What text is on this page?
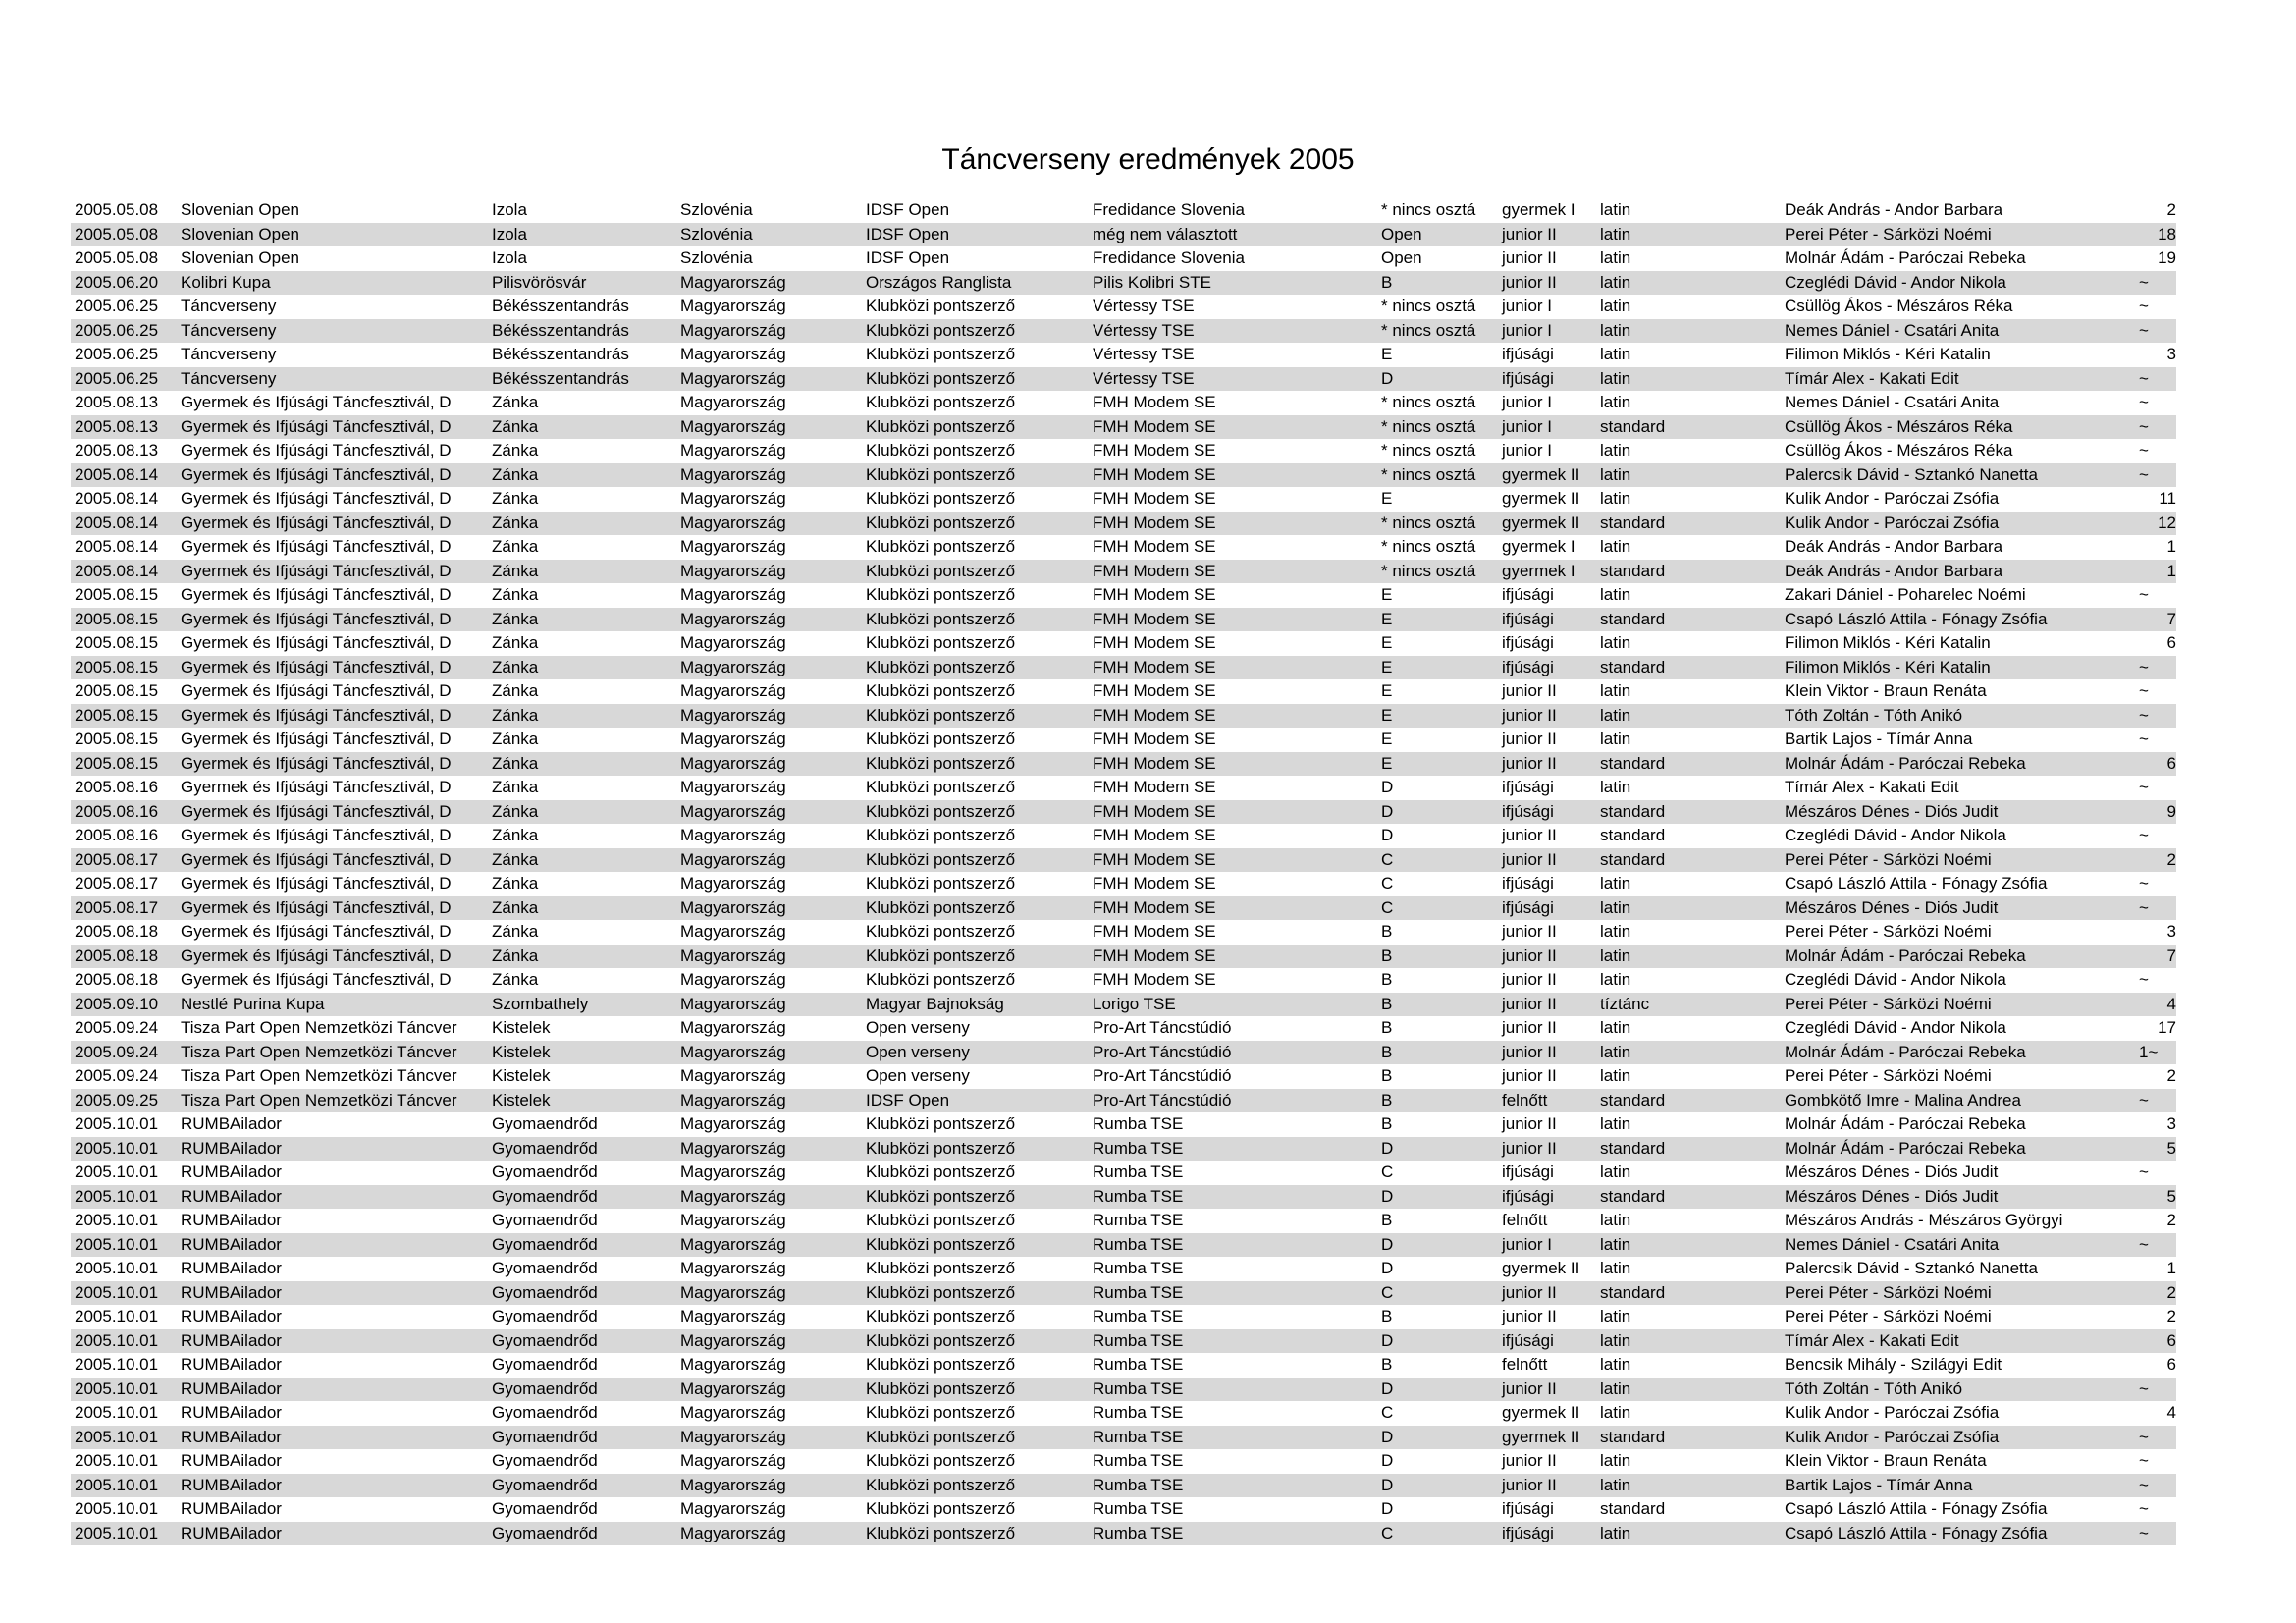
Táncverseny eredmények 2005
2005.05.08	Slovenian Open	Izola	Szlovénia	IDSF Open	Fredidance Slovenia	* nincs osztá	gyermek I	latin	Deák András - Andor Barbara	2
2005.05.08	Slovenian Open	Izola	Szlovénia	IDSF Open	még nem választott	Open	junior II	latin	Perei Péter - Sárközi Noémi	18
2005.05.08	Slovenian Open	Izola	Szlovénia	IDSF Open	Fredidance Slovenia	Open	junior II	latin	Molnár Ádám - Paróczai Rebeka	19
2005.06.20	Kolibri Kupa	Pilisvörösvár	Magyarország	Országos Ranglista	Pilis Kolibri STE	B	junior II	latin	Czeglédi Dávid - Andor Nikola	~
2005.06.25	Táncverseny	Békésszentandrás	Magyarország	Klubközi pontszerző	Vértessy TSE	* nincs osztá	junior I	latin	Csüllög Ákos - Mészáros Réka	~
2005.06.25	Táncverseny	Békésszentandrás	Magyarország	Klubközi pontszerző	Vértessy TSE	* nincs osztá	junior I	latin	Nemes Dániel - Csatári Anita	~
2005.06.25	Táncverseny	Békésszentandrás	Magyarország	Klubközi pontszerző	Vértessy TSE	E	ifjúsági	latin	Filimon Miklós - Kéri Katalin	3
2005.06.25	Táncverseny	Békésszentandrás	Magyarország	Klubközi pontszerző	Vértessy TSE	D	ifjúsági	latin	Tímár Alex - Kakati Edit	~
2005.08.13	Gyermek és Ifjúsági Táncfesztivál, D	Zánka	Magyarország	Klubközi pontszerző	FMH Modem SE	* nincs osztá	junior I	latin	Nemes Dániel - Csatári Anita	~
2005.08.13	Gyermek és Ifjúsági Táncfesztivál, D	Zánka	Magyarország	Klubközi pontszerző	FMH Modem SE	* nincs osztá	junior I	standard	Csüllög Ákos - Mészáros Réka	~
2005.08.13	Gyermek és Ifjúsági Táncfesztivál, D	Zánka	Magyarország	Klubközi pontszerző	FMH Modem SE	* nincs osztá	junior I	latin	Csüllög Ákos - Mészáros Réka	~
2005.08.14	Gyermek és Ifjúsági Táncfesztivál, D	Zánka	Magyarország	Klubközi pontszerző	FMH Modem SE	* nincs osztá	gyermek II	latin	Palercsik Dávid - Sztankó Nanetta	~
2005.08.14	Gyermek és Ifjúsági Táncfesztivál, D	Zánka	Magyarország	Klubközi pontszerző	FMH Modem SE	E	gyermek II	latin	Kulik Andor - Paróczai Zsófia	11
2005.08.14	Gyermek és Ifjúsági Táncfesztivál, D	Zánka	Magyarország	Klubközi pontszerző	FMH Modem SE	* nincs osztá	gyermek II	standard	Kulik Andor - Paróczai Zsófia	12
2005.08.14	Gyermek és Ifjúsági Táncfesztivál, D	Zánka	Magyarország	Klubközi pontszerző	FMH Modem SE	* nincs osztá	gyermek I	latin	Deák András - Andor Barbara	1
2005.08.14	Gyermek és Ifjúsági Táncfesztivál, D	Zánka	Magyarország	Klubközi pontszerző	FMH Modem SE	* nincs osztá	gyermek I	standard	Deák András - Andor Barbara	1
2005.08.15	Gyermek és Ifjúsági Táncfesztivál, D	Zánka	Magyarország	Klubközi pontszerző	FMH Modem SE	E	ifjúsági	latin	Zakari Dániel - Poharelec Noémi	~
2005.08.15	Gyermek és Ifjúsági Táncfesztivál, D	Zánka	Magyarország	Klubközi pontszerző	FMH Modem SE	E	ifjúsági	standard	Csapó László Attila - Fónagy Zsófia	7
2005.08.15	Gyermek és Ifjúsági Táncfesztivál, D	Zánka	Magyarország	Klubközi pontszerző	FMH Modem SE	E	ifjúsági	latin	Filimon Miklós - Kéri Katalin	6
2005.08.15	Gyermek és Ifjúsági Táncfesztivál, D	Zánka	Magyarország	Klubközi pontszerző	FMH Modem SE	E	ifjúsági	standard	Filimon Miklós - Kéri Katalin	~
2005.08.15	Gyermek és Ifjúsági Táncfesztivál, D	Zánka	Magyarország	Klubközi pontszerző	FMH Modem SE	E	junior II	latin	Klein Viktor - Braun Renáta	~
2005.08.15	Gyermek és Ifjúsági Táncfesztivál, D	Zánka	Magyarország	Klubközi pontszerző	FMH Modem SE	E	junior II	latin	Tóth Zoltán - Tóth Anikó	~
2005.08.15	Gyermek és Ifjúsági Táncfesztivál, D	Zánka	Magyarország	Klubközi pontszerző	FMH Modem SE	E	junior II	latin	Bartik Lajos - Tímár Anna	~
2005.08.15	Gyermek és Ifjúsági Táncfesztivál, D	Zánka	Magyarország	Klubközi pontszerző	FMH Modem SE	E	junior II	standard	Molnár Ádám - Paróczai Rebeka	6
2005.08.16	Gyermek és Ifjúsági Táncfesztivál, D	Zánka	Magyarország	Klubközi pontszerző	FMH Modem SE	D	ifjúsági	latin	Tímár Alex - Kakati Edit	~
2005.08.16	Gyermek és Ifjúsági Táncfesztivál, D	Zánka	Magyarország	Klubközi pontszerző	FMH Modem SE	D	ifjúsági	standard	Mészáros Dénes - Diós Judit	9
2005.08.16	Gyermek és Ifjúsági Táncfesztivál, D	Zánka	Magyarország	Klubközi pontszerző	FMH Modem SE	D	junior II	standard	Czeglédi Dávid - Andor Nikola	~
2005.08.17	Gyermek és Ifjúsági Táncfesztivál, D	Zánka	Magyarország	Klubközi pontszerző	FMH Modem SE	C	junior II	standard	Perei Péter - Sárközi Noémi	2
2005.08.17	Gyermek és Ifjúsági Táncfesztivál, D	Zánka	Magyarország	Klubközi pontszerző	FMH Modem SE	C	ifjúsági	latin	Csapó László Attila - Fónagy Zsófia	~
2005.08.17	Gyermek és Ifjúsági Táncfesztivál, D	Zánka	Magyarország	Klubközi pontszerző	FMH Modem SE	C	ifjúsági	latin	Mészáros Dénes - Diós Judit	~
2005.08.18	Gyermek és Ifjúsági Táncfesztivál, D	Zánka	Magyarország	Klubközi pontszerző	FMH Modem SE	B	junior II	latin	Perei Péter - Sárközi Noémi	3
2005.08.18	Gyermek és Ifjúsági Táncfesztivál, D	Zánka	Magyarország	Klubközi pontszerző	FMH Modem SE	B	junior II	latin	Molnár Ádám - Paróczai Rebeka	7
2005.08.18	Gyermek és Ifjúsági Táncfesztivál, D	Zánka	Magyarország	Klubközi pontszerző	FMH Modem SE	B	junior II	latin	Czeglédi Dávid - Andor Nikola	~
2005.09.10	Nestlé Purina Kupa	Szombathely	Magyarország	Magyar Bajnokság	Lorigo TSE	B	junior II	tíztánc	Perei Péter - Sárközi Noémi	4
2005.09.24	Tisza Part Open Nemzetközi Táncver	Kistelek	Magyarország	Open verseny	Pro-Art Táncstúdió	B	junior II	latin	Czeglédi Dávid - Andor Nikola	17
2005.09.24	Tisza Part Open Nemzetközi Táncver	Kistelek	Magyarország	Open verseny	Pro-Art Táncstúdió	B	junior II	latin	Molnár Ádám - Paróczai Rebeka	1~
2005.09.24	Tisza Part Open Nemzetközi Táncver	Kistelek	Magyarország	Open verseny	Pro-Art Táncstúdió	B	junior II	latin	Perei Péter - Sárközi Noémi	2
2005.09.25	Tisza Part Open Nemzetközi Táncver	Kistelek	Magyarország	IDSF Open	Pro-Art Táncstúdió	B	felnőtt	standard	Gombkötő Imre - Malina Andrea	~
2005.10.01	RUMBAilador	Gyomaendrőd	Magyarország	Klubközi pontszerző	Rumba TSE	B	junior II	latin	Molnár Ádám - Paróczai Rebeka	3
2005.10.01	RUMBAilador	Gyomaendrőd	Magyarország	Klubközi pontszerző	Rumba TSE	D	junior II	standard	Molnár Ádám - Paróczai Rebeka	5
2005.10.01	RUMBAilador	Gyomaendrőd	Magyarország	Klubközi pontszerző	Rumba TSE	C	ifjúsági	latin	Mészáros Dénes - Diós Judit	~
2005.10.01	RUMBAilador	Gyomaendrőd	Magyarország	Klubközi pontszerző	Rumba TSE	D	ifjúsági	standard	Mészáros Dénes - Diós Judit	5
2005.10.01	RUMBAilador	Gyomaendrőd	Magyarország	Klubközi pontszerző	Rumba TSE	B	felnőtt	latin	Mészáros András - Mészáros Györgyi	2
2005.10.01	RUMBAilador	Gyomaendrőd	Magyarország	Klubközi pontszerző	Rumba TSE	D	junior I	latin	Nemes Dániel - Csatári Anita	~
2005.10.01	RUMBAilador	Gyomaendrőd	Magyarország	Klubközi pontszerző	Rumba TSE	D	gyermek II	latin	Palercsik Dávid - Sztankó Nanetta	1
2005.10.01	RUMBAilador	Gyomaendrőd	Magyarország	Klubközi pontszerző	Rumba TSE	C	junior II	standard	Perei Péter - Sárközi Noémi	2
2005.10.01	RUMBAilador	Gyomaendrőd	Magyarország	Klubközi pontszerző	Rumba TSE	B	junior II	latin	Perei Péter - Sárközi Noémi	2
2005.10.01	RUMBAilador	Gyomaendrőd	Magyarország	Klubközi pontszerző	Rumba TSE	D	ifjúsági	latin	Tímár Alex - Kakati Edit	6
2005.10.01	RUMBAilador	Gyomaendrőd	Magyarország	Klubközi pontszerző	Rumba TSE	B	felnőtt	latin	Bencsik Mihály - Szilágyi Edit	6
2005.10.01	RUMBAilador	Gyomaendrőd	Magyarország	Klubközi pontszerző	Rumba TSE	D	junior II	latin	Tóth Zoltán - Tóth Anikó	~
2005.10.01	RUMBAilador	Gyomaendrőd	Magyarország	Klubközi pontszerző	Rumba TSE	C	gyermek II	latin	Kulik Andor - Paróczai Zsófia	4
2005.10.01	RUMBAilador	Gyomaendrőd	Magyarország	Klubközi pontszerző	Rumba TSE	D	gyermek II	standard	Kulik Andor - Paróczai Zsófia	~
2005.10.01	RUMBAilador	Gyomaendrőd	Magyarország	Klubközi pontszerző	Rumba TSE	D	junior II	latin	Klein Viktor - Braun Renáta	~
2005.10.01	RUMBAilador	Gyomaendrőd	Magyarország	Klubközi pontszerző	Rumba TSE	D	junior II	latin	Bartik Lajos - Tímár Anna	~
2005.10.01	RUMBAilador	Gyomaendrőd	Magyarország	Klubközi pontszerző	Rumba TSE	D	ifjúsági	standard	Csapó László Attila - Fónagy Zsófia	~
2005.10.01	RUMBAilador	Gyomaendrőd	Magyarország	Klubközi pontszerző	Rumba TSE	C	ifjúsági	latin	Csapó László Attila - Fónagy Zsófia	~
